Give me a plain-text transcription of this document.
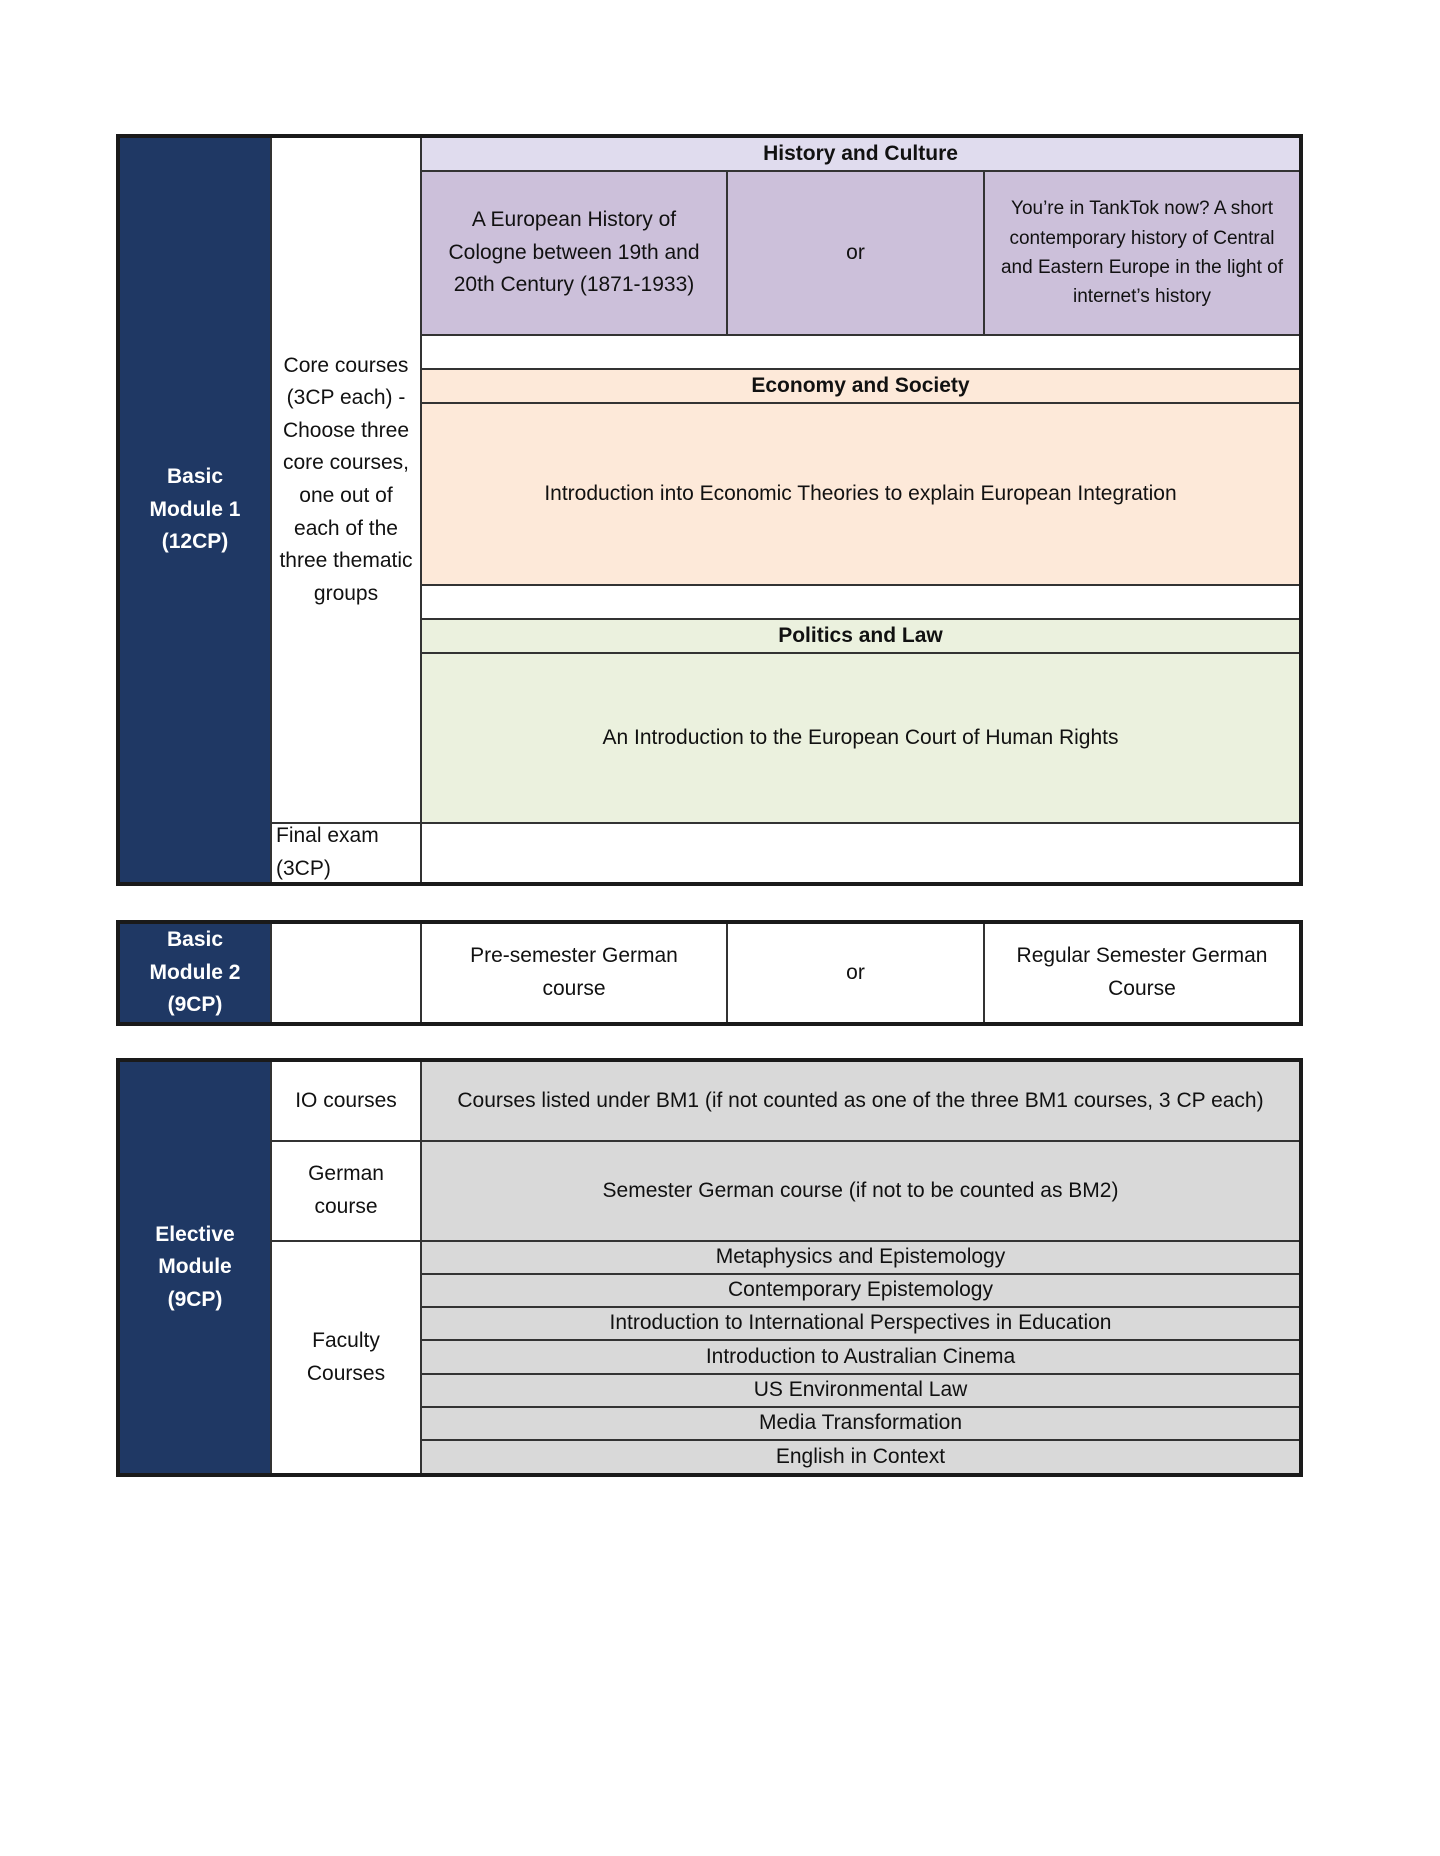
Basic Module 1 (12CP)
Core courses (3CP each) - Choose three core courses, one out of each of the three thematic groups
History and Culture
A European History of Cologne between 19th and 20th Century (1871-1933)
or
You’re in TankTok now? A short contemporary history of Central and Eastern Europe in the light of internet’s history
Economy and Society
Introduction into Economic Theories to explain European Integration
Politics and Law
An Introduction to the European Court of Human Rights
Final exam (3CP)
Basic Module 2 (9CP)
Pre-semester German course
or
Regular Semester German Course
Elective Module (9CP)
IO courses	Courses listed under BM1 (if not counted as one of the three BM1 courses, 3 CP each)
German course
Semester German course (if not to be counted as BM2)
Faculty Courses
Metaphysics and Epistemology
Contemporary Epistemology
Introduction to International Perspectives in Education
Introduction to Australian Cinema
US Environmental Law
Media Transformation
English in Context
